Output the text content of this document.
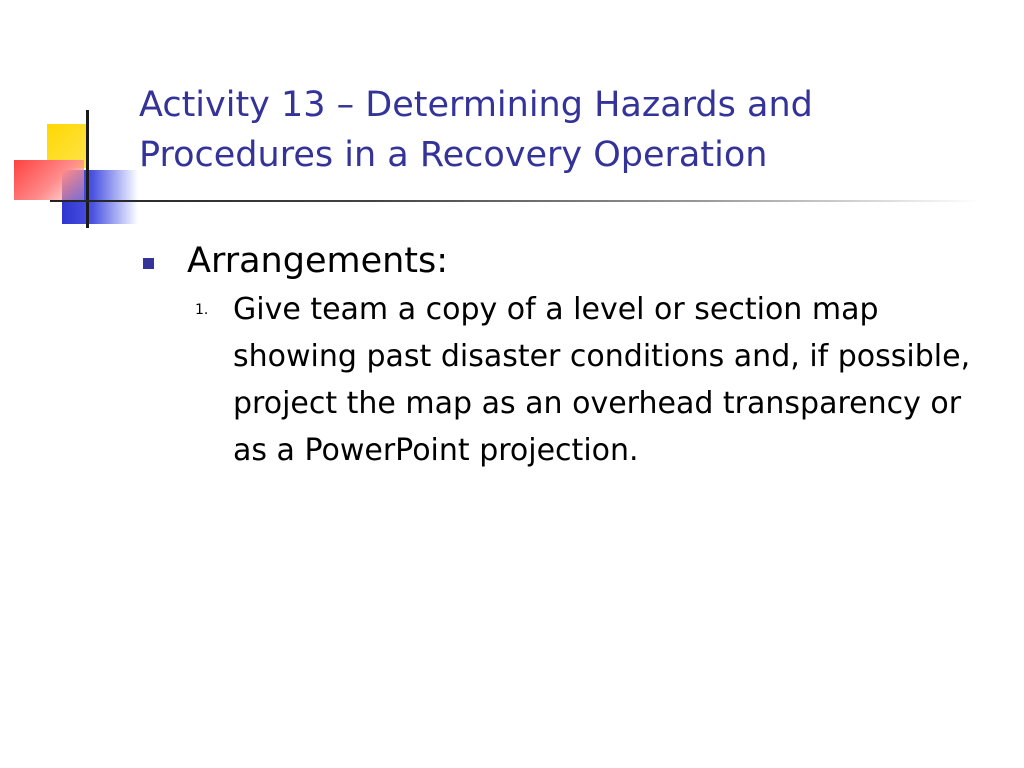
Activity 13 – Determining Hazards and
Procedures in a Recovery Operation
Arrangements:
1. Give team a copy of a level or section map showing past disaster conditions and, if possible, project the map as an overhead transparency or as a PowerPoint projection.
